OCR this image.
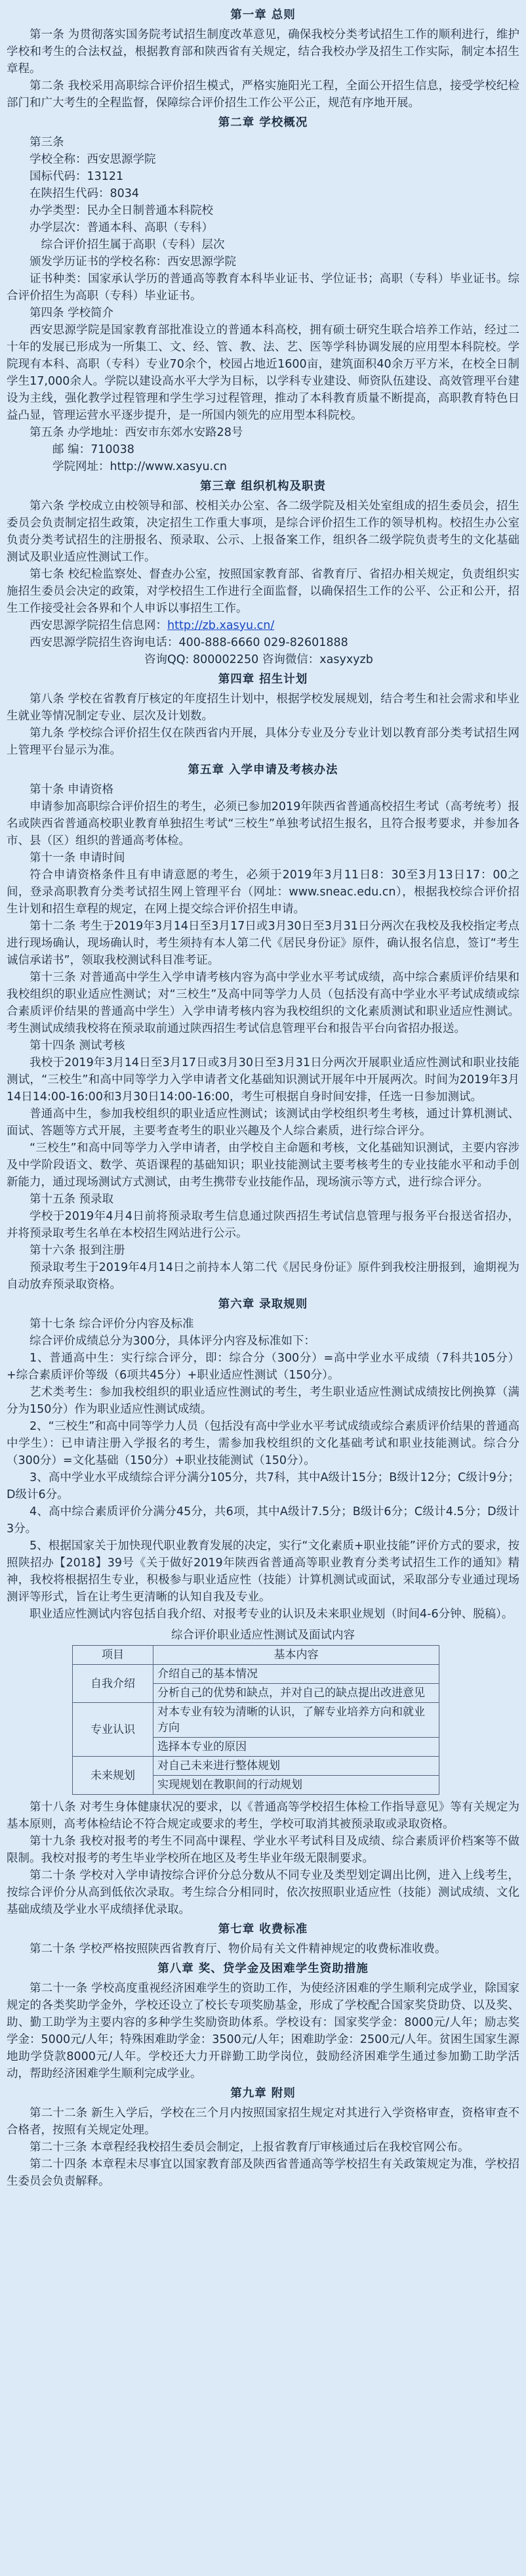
第一章 总则

第一条 为贯彻落实国务院考试招生制度改革意见，确保我校分类考试招生工作的顺利进行，维护学校和考生的合法权益，根据教育部和陕西省有关规定，结合我校办学及招生工作实际，制定本招生章程。

第二条 我校采用高职综合评价招生模式，严格实施阳光工程，全面公开招生信息，接受学校纪检部门和广大考生的全程监督，保障综合评价招生工作公平公正，规范有序地开展。

第二章 学校概况

第三条

学校全称：西安思源学院

国标代码：13121

在陕招生代码：8034

办学类型：民办全日制普通本科院校

办学层次：普通本科、高职（专科）

综合评价招生属于高职（专科）层次

颁发学历证书的学校名称：西安思源学院

证书种类：国家承认学历的普通高等教育本科毕业证书、学位证书；高职（专科）毕业证书。综合评价招生为高职（专科）毕业证书。

第四条 学校简介

西安思源学院是国家教育部批准设立的普通本科高校，拥有硕士研究生联合培养工作站，经过二十年的发展已形成为一所集工、文、经、管、教、法、艺、医等学科协调发展的应用型本科院校。学院现有本科、高职（专科）专业70余个，校园占地近1600亩，建筑面积40余万平方米，在校全日制学生17,000余人。学院以建设高水平大学为目标，以学科专业建设、师资队伍建设、高效管理平台建设为主线，强化教学过程管理和学生学习过程管理，推动了本科教育质量不断提高，高职教育特色日益凸显，管理运营水平逐步提升，是一所国内领先的应用型本科院校。

第五条 办学地址：西安市东郊水安路28号

邮 编：710038

学院网址：http://www.xasyu.cn

第三章 组织机构及职责

第六条 学校成立由校领导和部、校相关办公室、各二级学院及相关处室组成的招生委员会，招生委员会负责制定招生政策，决定招生工作重大事项，是综合评价招生工作的领导机构。校招生办公室负责分类考试招生的注册报名、预录取、公示、上报备案工作，组织各二级学院负责考生的文化基础测试及职业适应性测试工作。

第七条 校纪检监察处、督查办公室，按照国家教育部、省教育厅、省招办相关规定，负责组织实施招生委员会决定的政策，对学校招生工作进行全面监督，以确保招生工作的公平、公正和公开，招生工作接受社会各界和个人申诉以事招生工作。

西安思源学院招生信息网：http://zb.xasyu.cn/

西安思源学院招生咨询电话：400-888-6660 029-82601888

咨询QQ: 800002250 咨询微信：xasyxyzb

第四章 招生计划

第八条 学校在省教育厅核定的年度招生计划中，根据学校发展规划，结合考生和社会需求和毕业生就业等情况制定专业、层次及计划数。

第九条 学校综合评价招生仅在陕西省内开展，具体分专业及分专业计划以教育部分类考试招生网上管理平台显示为准。

第五章 入学申请及考核办法

第十条 申请资格

申请参加高职综合评价招生的考生，必须已参加2019年陕西省普通高校招生考试（高考统考）报名或陕西省普通高校职业教育单独招生考试“三校生”单独考试招生报名，且符合报考要求，并参加各市、县（区）组织的普通高考体检。

第十一条 申请时间

符合申请资格条件且有申请意愿的考生，必须于2019年3月11日8：30至3月13日17：00之间，登录高职教育分类考试招生网上管理平台（网址：www.sneac.edu.cn），根据我校综合评价招生计划和招生章程的规定，在网上提交综合评价招生申请。

第十二条 考生于2019年3月14日至3月17日或3月30日至3月31日分两次在我校及我校指定考点进行现场确认，现场确认时，考生须持有本人第二代《居民身份证》原件，确认报名信息，签订“考生诚信承诺书”，领取我校测试科目准考证。

第十三条 对普通高中学生入学申请考核内容为高中学业水平考试成绩，高中综合素质评价结果和我校组织的职业适应性测试；对“三校生”及高中同等学力人员（包括没有高中学业水平考试成绩或综合素质评价结果的普通高中学生）入学申请考核内容为我校组织的文化素质测试和职业适应性测试。考生测试成绩我校将在预录取前通过陕西招生考试信息管理平台和报告平台向省招办报送。

第十四条 测试考核

我校于2019年3月14日至3月17日或3月30日至3月31日分两次开展职业适应性测试和职业技能测试，“三校生”和高中同等学力入学申请者文化基础知识测试开展年中开展两次。时间为2019年3月14日14:00-16:00和3月30日14:00-16:00，考生可根据自身时间安排，任选一日参加测试。

普通高中生，参加我校组织的职业适应性测试；该测试由学校组织考生考核，通过计算机测试、面试、答题等方式开展，主要考查考生的职业兴趣及个人综合素质，进行综合评分。

“三校生”和高中同等学力入学申请者，由学校自主命题和考核，文化基础知识测试，主要内容涉及中学阶段语文、数学、英语课程的基础知识；职业技能测试主要考核考生的专业技能水平和动手创新能力，通过现场测试方式测试，由考生携带专业技能作品，现场演示等方式，进行综合评分。

第十五条 预录取

学校于2019年4月4日前将预录取考生信息通过陕西招生考试信息管理与报务平台报送省招办，并将预录取考生名单在本校招生网站进行公示。

第十六条 报到注册

预录取考生于2019年4月14日之前持本人第二代《居民身份证》原件到我校注册报到，逾期视为自动放弃预录取资格。

第六章 录取规则

第十七条 综合评价分内容及标准

综合评价成绩总分为300分，具体评分内容及标准如下：

1、普通高中生：实行综合评分，即：综合分（300分）=高中学业水平成绩（7科共105分）+综合素质评价等级（6项共45分）+职业适应性测试（150分）。

艺术类考生：参加我校组织的职业适应性测试的考生，考生职业适应性测试成绩按比例换算（满分为150分）作为职业适应性测试成绩。

2、“三校生”和高中同等学力人员（包括没有高中学业水平考试成绩或综合素质评价结果的普通高中学生）：已申请注册入学报名的考生，需参加我校组织的文化基础考试和职业技能测试。综合分（300分）=文化基础（150分）+职业技能测试（150分）。

3、高中学业水平成绩综合评分满分105分，共7科，其中A级计15分；B级计12分；C级计9分；D级计6分。

4、高中综合素质评价分满分45分，共6项，其中A级计7.5分；B级计6分；C级计4.5分；D级计3分。

5、根据国家关于加快现代职业教育发展的决定，实行“文化素质+职业技能”评价方式的要求，按照陕招办【2018】39号《关于做好2019年陕西省普通高等职业教育分类考试招生工作的通知》精神，我校将根据招生专业，积极参与职业适应性（技能）计算机测试或面试，采取部分专业通过现场测评等形式，旨在让考生更清晰的认知自我及专业。

职业适应性测试内容包括自我介绍、对报考专业的认识及未来职业规划（时间4-6分钟、脱稿）。

综合评价职业适应性测试及面试内容
项目	基本内容
自我介绍	介绍自己的基本情况
	分析自己的优势和缺点，并对自己的缺点提出改进意见
专业认识	对本专业有较为清晰的认识，了解专业培养方向和就业方向
	选择本专业的原因
未来规划	对自己未来进行整体规划
	实现规划在教职间的行动规划

第十八条 对考生身体健康状况的要求，以《普通高等学校招生体检工作指导意见》等有关规定为基本原则，高考体检结论不符合规定或要求的考生，学校可取消其被预录取或录取资格。

第十九条 我校对报考的考生不同高中课程、学业水平考试科目及成绩、综合素质评价档案等不做限制。我校对报考的考生毕业学校所在地区及考生毕业年级无限制要求。

第二十条 学校对入学申请按综合评价分总分数从不同专业及类型划定调出比例，进入上线考生，按综合评价分从高到低依次录取。考生综合分相同时，依次按照职业适应性（技能）测试成绩、文化基础成绩及学业水平成绩择优录取。

第七章 收费标准

第二十条 学校严格按照陕西省教育厅、物价局有关文件精神规定的收费标准收费。

第八章 奖、贷学金及困难学生资助措施

第二十一条 学校高度重视经济困难学生的资助工作，为使经济困难的学生顺利完成学业，除国家规定的各类奖助学金外，学校还设立了校长专项奖励基金，形成了学校配合国家奖贷助贷、以及奖、助、勤工助学为主要内容的多种学生奖励资助体系。学校设有：国家奖学金：8000元/人年；励志奖学金：5000元/人年；特殊困难助学金：3500元/人年；困难助学金：2500元/人年。贫困生国家生源地助学贷款8000元/人年。学校还大力开辟勤工助学岗位，鼓励经济困难学生通过参加勤工助学活动，帮助经济困难学生顺利完成学业。

第九章 附则

第二十二条 新生入学后，学校在三个月内按照国家招生规定对其进行入学资格审查，资格审查不合格者，按照有关规定处理。

第二十三条 本章程经我校招生委员会制定，上报省教育厅审核通过后在我校官网公布。

第二十四条 本章程未尽事宜以国家教育部及陕西省普通高等学校招生有关政策规定为准，学校招生委员会负责解释。
